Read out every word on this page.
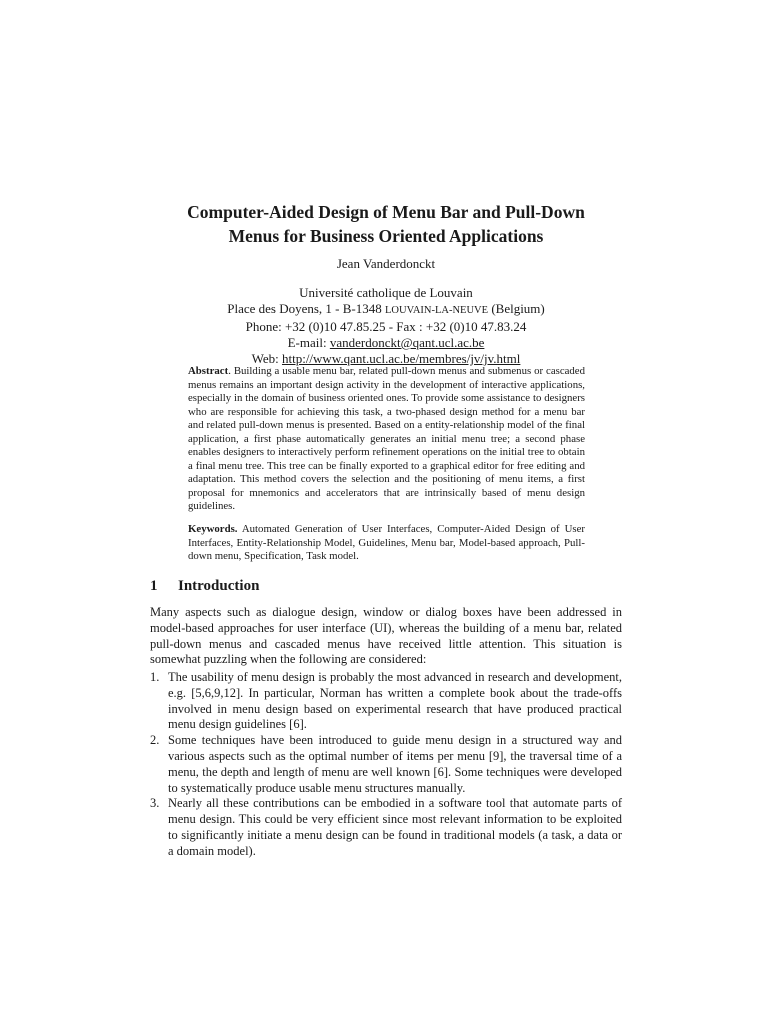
Computer-Aided Design of Menu Bar and Pull-Down
Menus for Business Oriented Applications
Jean Vanderdonckt
Université catholique de Louvain
Place des Doyens, 1 - B-1348 LOUVAIN-LA-NEUVE (Belgium)
Phone: +32 (0)10 47.85.25 - Fax : +32 (0)10 47.83.24
E-mail: vanderdonckt@qant.ucl.ac.be
Web: http://www.qant.ucl.ac.be/membres/jv/jv.html
Abstract. Building a usable menu bar, related pull-down menus and submenus or cascaded menus remains an important design activity in the development of interactive applications, especially in the domain of business oriented ones. To provide some assistance to designers who are responsible for achieving this task, a two-phased design method for a menu bar and related pull-down menus is presented. Based on a entity-relationship model of the final application, a first phase automatically generates an initial menu tree; a second phase enables designers to interactively perform refinement operations on the initial tree to obtain a final menu tree. This tree can be finally exported to a graphical editor for free editing and adaptation. This method covers the selection and the positioning of menu items, a first proposal for mnemonics and accelerators that are intrinsically based of menu design guidelines.
Keywords. Automated Generation of User Interfaces, Computer-Aided Design of User Interfaces, Entity-Relationship Model, Guidelines, Menu bar, Model-based approach, Pull-down menu, Specification, Task model.
1 Introduction

Many aspects such as dialogue design, window or dialog boxes have been addressed in model-based approaches for user interface (UI), whereas the building of a menu bar, related pull-down menus and cascaded menus have received little attention. This situation is somewhat puzzling when the following are considered:

1. The usability of menu design is probably the most advanced in research and development, e.g. [5,6,9,12]. In particular, Norman has written a complete book about the trade-offs involved in menu design based on experimental research that have produced practical menu design guidelines [6].
2. Some techniques have been introduced to guide menu design in a structured way and various aspects such as the optimal number of items per menu [9], the traversal time of a menu, the depth and length of menu are well known [6]. Some techniques were developed to systematically produce usable menu structures manually.
3. Nearly all these contributions can be embodied in a software tool that automate parts of menu design. This could be very efficient since most relevant information to be exploited to significantly initiate a menu design can be found in traditional models (a task, a data or a domain model).
